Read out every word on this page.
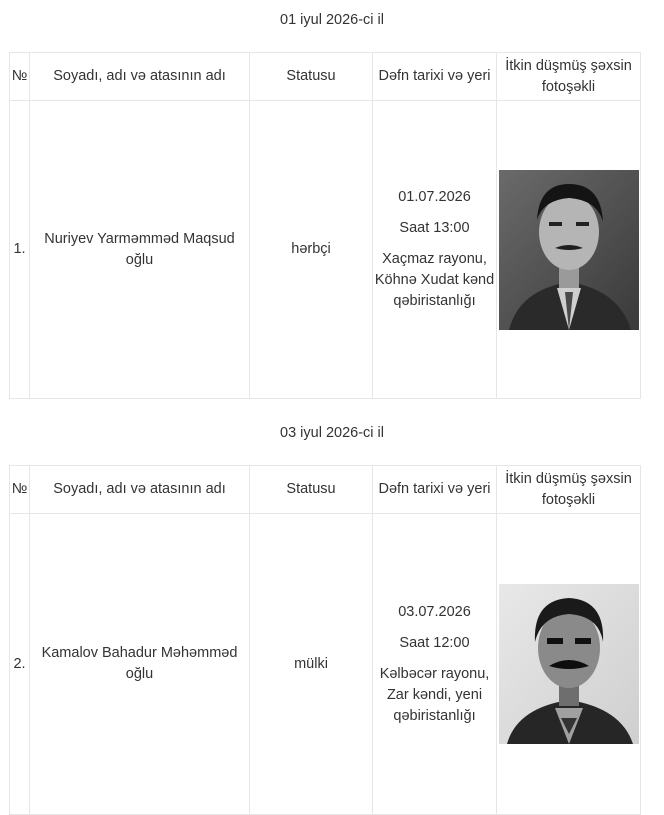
01 iyul 2026-ci il
№	Soyadı, adı və atasının adı	Statusu	Dəfn tarixi və yeri	İtkin düşmüş şəxsin fotoşəkli
1.	Nuriyev Yarməmməd Maqsud oğlu	hərbçi	01.07.2026

Saat 13:00

Xaçmaz rayonu, Köhnə Xudat kənd qəbiristanlığı

03 iyul 2026-ci il
№	Soyadı, adı və atasının adı	Statusu	Dəfn tarixi və yeri	İtkin düşmüş şəxsin fotoşəkli
2.	Kamalov Bahadur Məhəmməd oğlu	mülki	03.07.2026

Saat 12:00

Kəlbəcər rayonu, Zar kəndi, yeni qəbiristanlığı
